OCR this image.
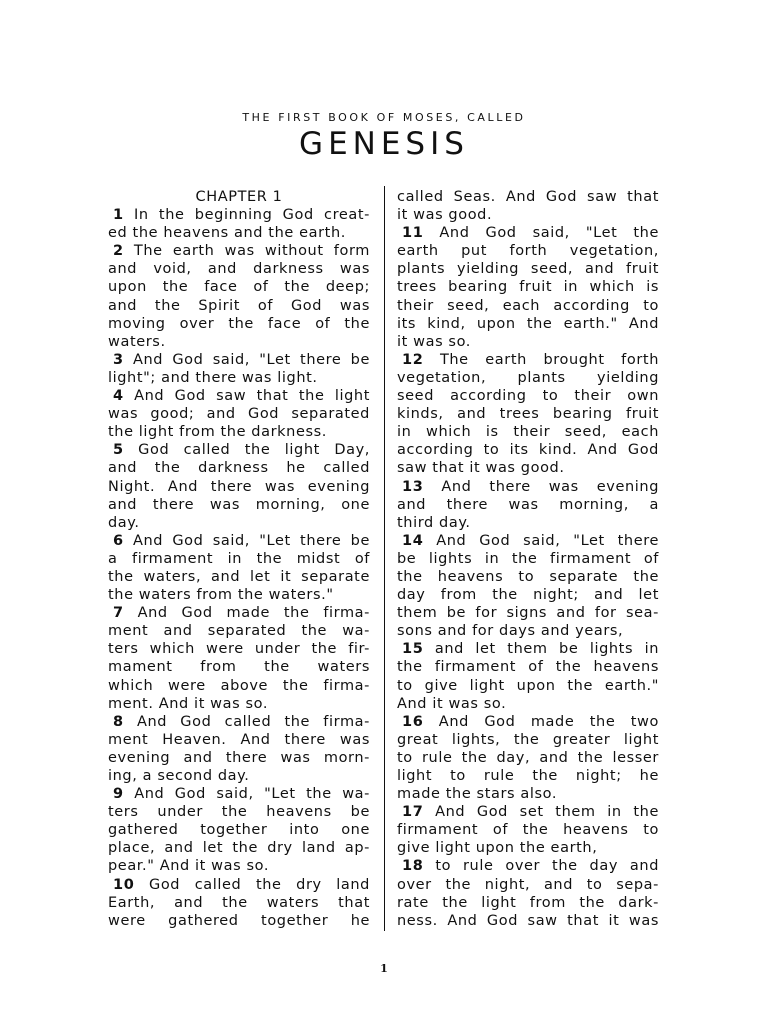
THE FIRST BOOK OF MOSES, CALLED
GENESIS
CHAPTER 1
1 In the beginning God creat-
ed the heavens and the earth.
2 The earth was without form
and void, and darkness was
upon the face of the deep;
and the Spirit of God was
moving over the face of the
waters.
3 And God said, "Let there be
light"; and there was light.
4 And God saw that the light
was good; and God separated
the light from the darkness.
5 God called the light Day,
and the darkness he called
Night. And there was evening
and there was morning, one
day.
6 And God said, "Let there be
a firmament in the midst of
the waters, and let it separate
the waters from the waters."
7 And God made the firma-
ment and separated the wa-
ters which were under the fir-
mament from the waters
which were above the firma-
ment. And it was so.
8 And God called the firma-
ment Heaven. And there was
evening and there was morn-
ing, a second day.
9 And God said, "Let the wa-
ters under the heavens be
gathered together into one
place, and let the dry land ap-
pear." And it was so.
10 God called the dry land
Earth, and the waters that
were gathered together he
called Seas. And God saw that
it was good.
11 And God said, "Let the
earth put forth vegetation,
plants yielding seed, and fruit
trees bearing fruit in which is
their seed, each according to
its kind, upon the earth." And
it was so.
12 The earth brought forth
vegetation, plants yielding
seed according to their own
kinds, and trees bearing fruit
in which is their seed, each
according to its kind. And God
saw that it was good.
13 And there was evening
and there was morning, a
third day.
14 And God said, "Let there
be lights in the firmament of
the heavens to separate the
day from the night; and let
them be for signs and for sea-
sons and for days and years,
15 and let them be lights in
the firmament of the heavens
to give light upon the earth."
And it was so.
16 And God made the two
great lights, the greater light
to rule the day, and the lesser
light to rule the night; he
made the stars also.
17 And God set them in the
firmament of the heavens to
give light upon the earth,
18 to rule over the day and
over the night, and to sepa-
rate the light from the dark-
ness. And God saw that it was
1
